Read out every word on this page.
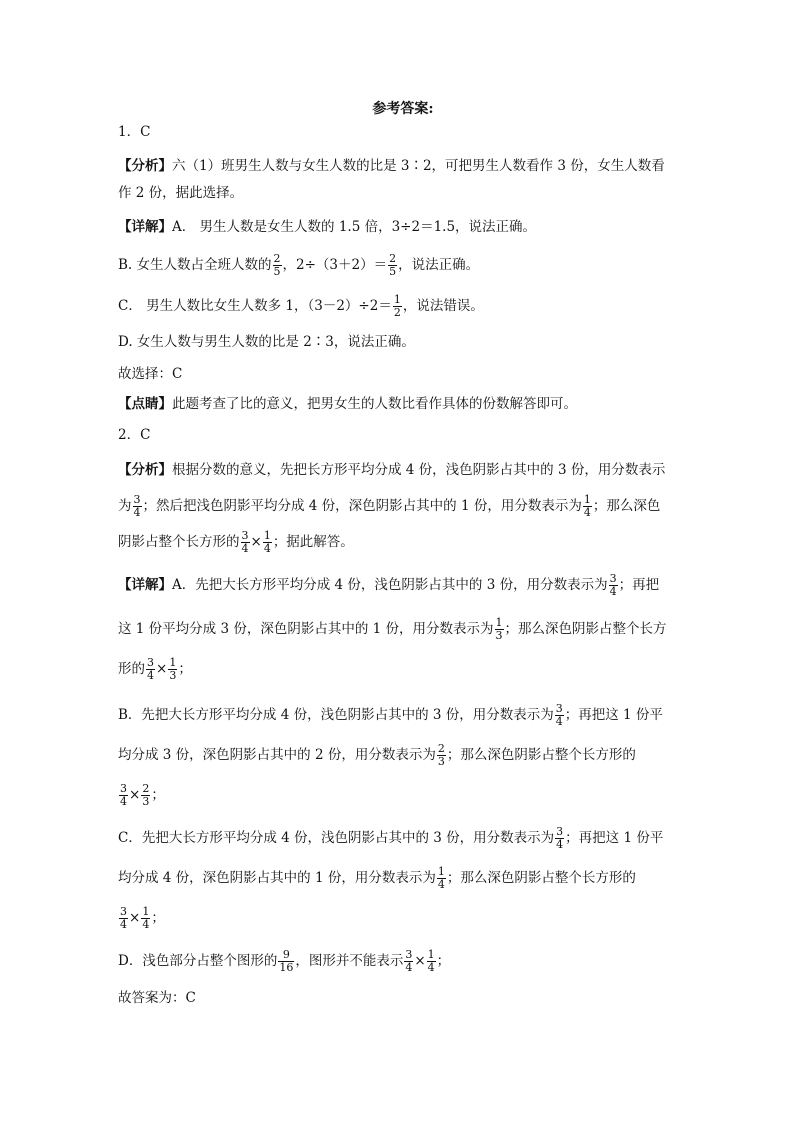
参考答案:
1．C
【分析】六（1）班男生人数与女生人数的比是 3∶2，可把男生人数看作 3 份，女生人数看
作 2 份，据此选择。
【详解】A． 男生人数是女生人数的 1.5 倍，3÷2＝1.5，说法正确。
B. 女生人数占全班人数的 $\frac{2}{5}$ ，$2\div(3+2)= \frac{2}{5}$ ，说法正确。
C． 男生人数比女生人数多 1，$(3-2)\div 2= \frac{1}{2}$ ，说法错误。
D. 女生人数与男生人数的比是 2∶3，说法正确。
故选择：C
【点睛】此题考查了比的意义，把男女生的人数比看作具体的份数解答即可。
2．C
【分析】根据分数的意义，先把长方形平均分成 4 份，浅色阴影占其中的 3 份，用分数表示
为 $\frac{3}{4}$ ；然后把浅色阴影平均分成 4 份，深色阴影占其中的 1 份，用分数表示为 $\frac{1}{4}$ ；那么深色
阴影占整个长方形的 $\frac{3}{4} \times \frac{1}{4}$ ；据此解答。
【详解】A．先把大长方形平均分成 4 份，浅色阴影占其中的 3 份，用分数表示为 $\frac{3}{4}$ ；再把
这 1 份平均分成 3 份，深色阴影占其中的 1 份，用分数表示为 $\frac{1}{3}$ ；那么深色阴影占整个长方
形的 $\frac{3}{4} \times \frac{1}{3}$ ；
B．先把大长方形平均分成 4 份，浅色阴影占其中的 3 份，用分数表示为 $\frac{3}{4}$ ；再把这 1 份平
均分成 3 份，深色阴影占其中的 2 份，用分数表示为 $\frac{2}{3}$ ；那么深色阴影占整个长方形的
$\frac{3}{4} \times \frac{2}{3}$ ；
C．先把大长方形平均分成 4 份，浅色阴影占其中的 3 份，用分数表示为 $\frac{3}{4}$ ；再把这 1 份平
均分成 4 份，深色阴影占其中的 1 份，用分数表示为 $\frac{1}{4}$ ；那么深色阴影占整个长方形的
$\frac{3}{4} \times \frac{1}{4}$ ；
D．浅色部分占整个图形的 $\frac{9}{16}$ ，图形并不能表示 $\frac{3}{4} \times \frac{1}{4}$ ；
故答案为：C
